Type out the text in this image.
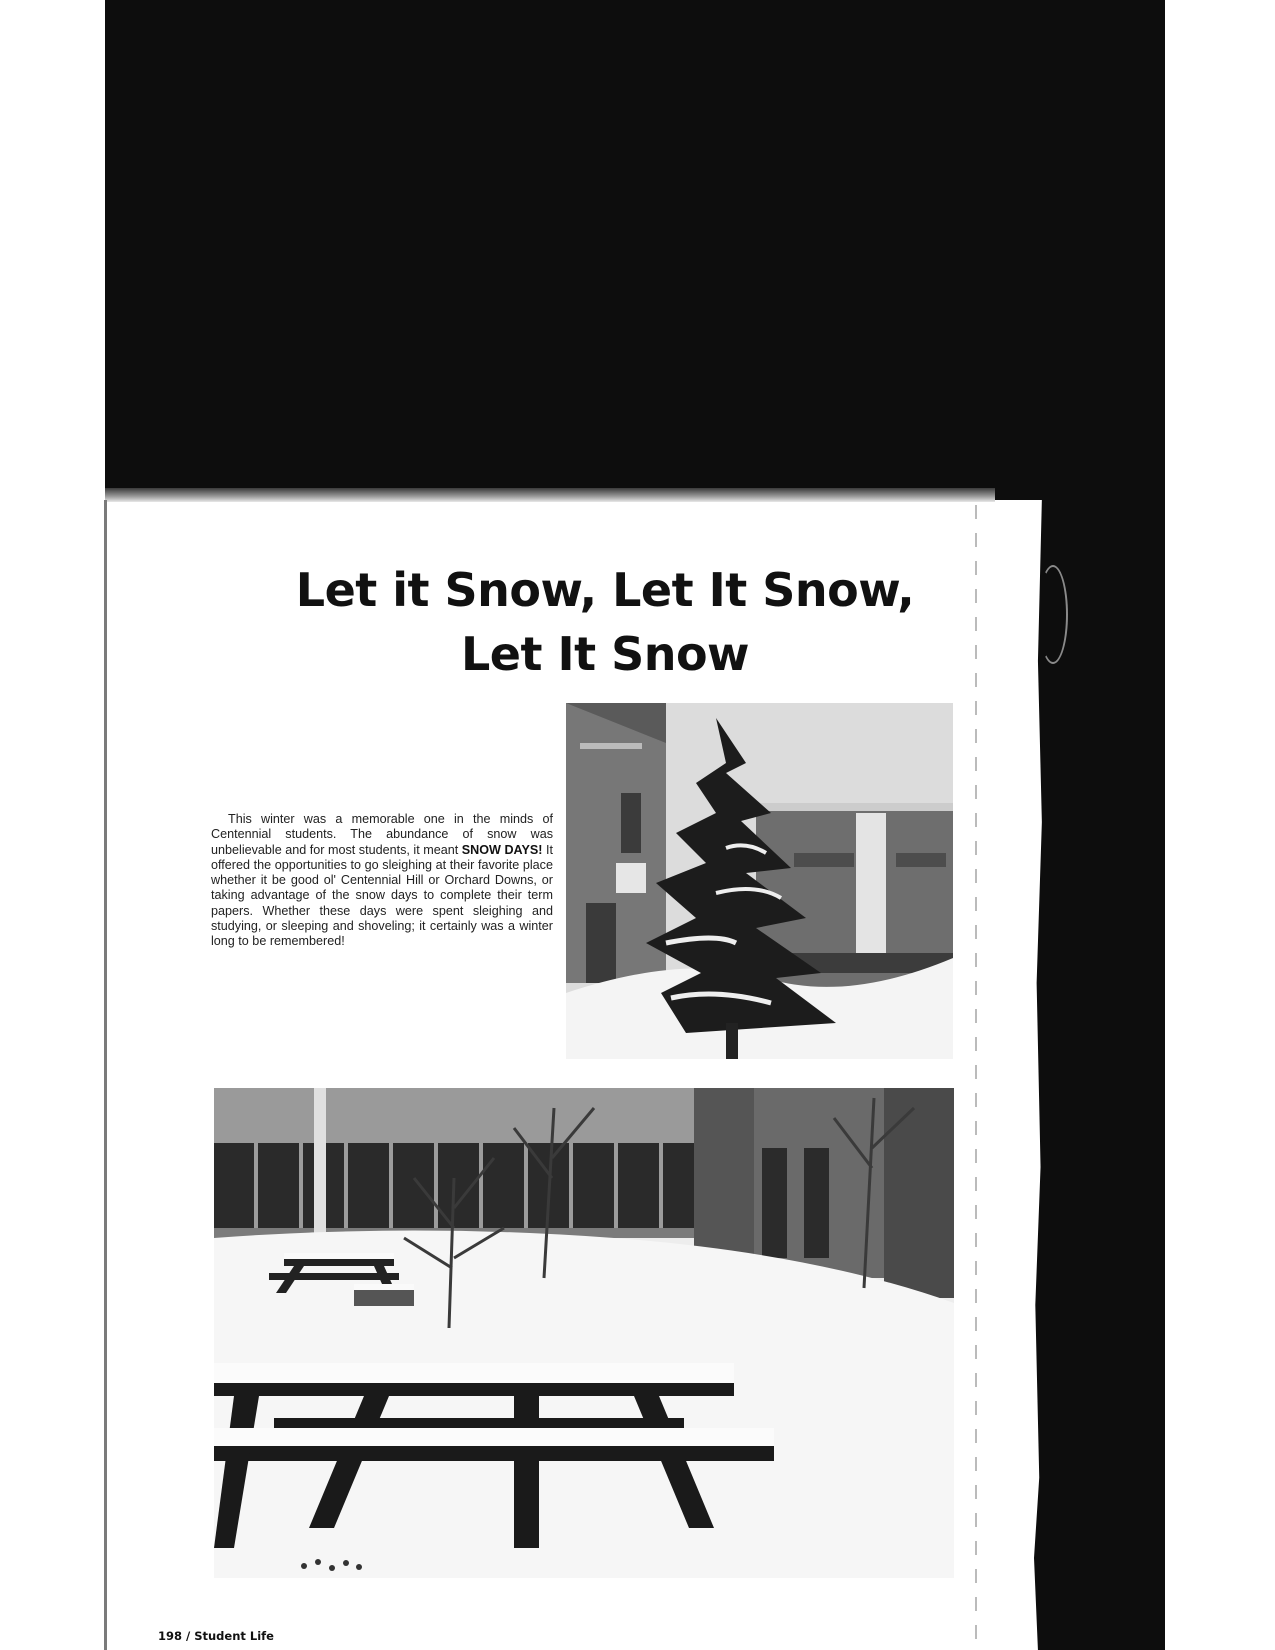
Let it Snow, Let It Snow,
Let It Snow
This winter was a memorable one in the minds of Centennial students. The abundance of snow was unbelievable and for most students, it meant SNOW DAYS! It offered the opportunities to go sleighing at their favorite place whether it be good ol' Centennial Hill or Orchard Downs, or taking advantage of the snow days to complete their term papers. Whether these days were spent sleighing and studying, or sleeping and shoveling; it certainly was a winter long to be remembered!
198 / Student Life
